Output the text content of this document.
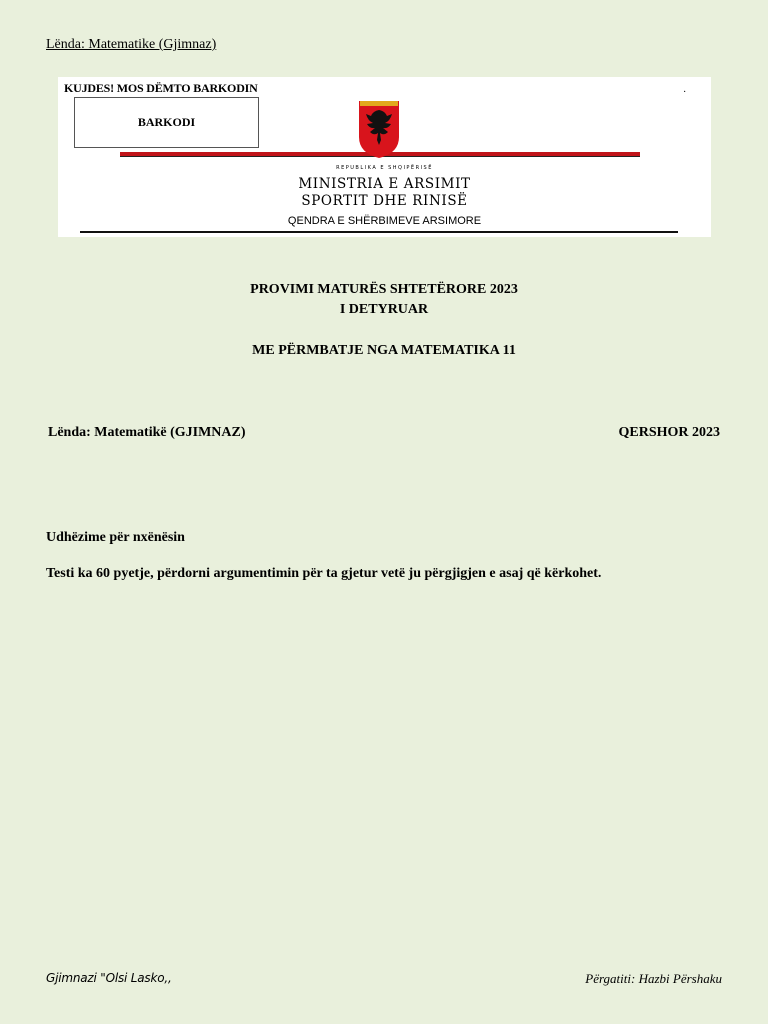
Lënda: Matematike (Gjimnaz)
KUJDES! MOS DËMTO BARKODIN
BARKODI
·
REPUBLIKA E SHQIPËRISË
MINISTRIA E ARSIMIT
SPORTIT DHE RINISË
QENDRA E SHËRBIMEVE ARSIMORE
PROVIMI MATURËS SHTETËRORE 2023
I DETYRUAR
ME PËRMBATJE NGA MATEMATIKA 11
Lënda: Matematikë (GJIMNAZ)	QERSHOR 2023
Udhëzime për nxënësin
Testi ka 60 pyetje, përdorni argumentimin për ta gjetur vetë ju përgjigjen e asaj që kërkohet.
Gjimnazi "Olsi Lasko,,	Përgatiti: Hazbi Përshaku
